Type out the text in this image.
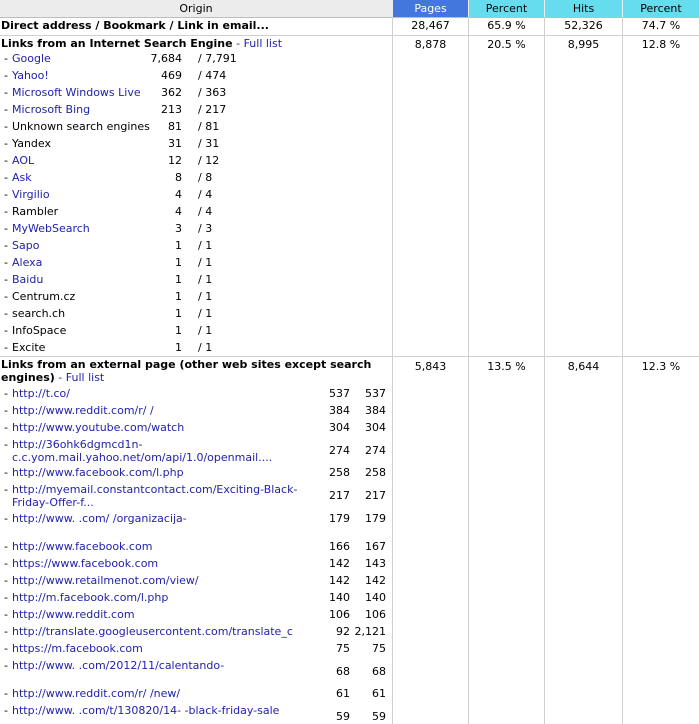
Origin	Pages	Percent	Hits	Percent
Direct address / Bookmark / Link in email...	28,467	65.9 %	52,326	74.7 %
Links from an Internet Search Engine - Full list	8,878	20.5 %	8,995	12.8 %
- Google	7,684 / 7,791
- Yahoo!	469 / 474
- Microsoft Windows Live	362 / 363
- Microsoft Bing	213 / 217
- Unknown search engines	81 / 81
- Yandex	31 / 31
- AOL	12 / 12
- Ask	8 / 8
- Virgilio	4 / 4
- Rambler	4 / 4
- MyWebSearch	3 / 3
- Sapo	1 / 1
- Alexa	1 / 1
- Baidu	1 / 1
- Centrum.cz	1 / 1
- search.ch	1 / 1
- InfoSpace	1 / 1
- Excite	1 / 1
Links from an external page (other web sites except search
engines) - Full list
5,843	13.5 %	8,644	12.3 %
- http://t.co/	537	537
- http://www.reddit.com/r/ /	384	384
- http://www.youtube.com/watch	304	304
- http://36ohk6dgmcd1n-c.c.yom.mail.yahoo.net/om/api/1.0/openmail....
274	274
- http://www.facebook.com/l.php	258	258
- http://myemail.constantcontact.com/Exciting-Black-Friday-Offer-f...
217	217
- http://www. .com/ /organizacija-	179	179
- http://www.facebook.com	166	167
- https://www.facebook.com	142	143
- http://www.retailmenot.com/view/	142	142
- http://m.facebook.com/l.php	140	140
- http://www.reddit.com	106	106
- http://translate.googleusercontent.com/translate_c	92 2,121
- https://m.facebook.com	75	75
- http://www. .com/2012/11/calentando-	68	68
- http://www.reddit.com/r/ /new/	61	61
- http://www. .com/t/130820/14- -black-friday-sale	59	59
